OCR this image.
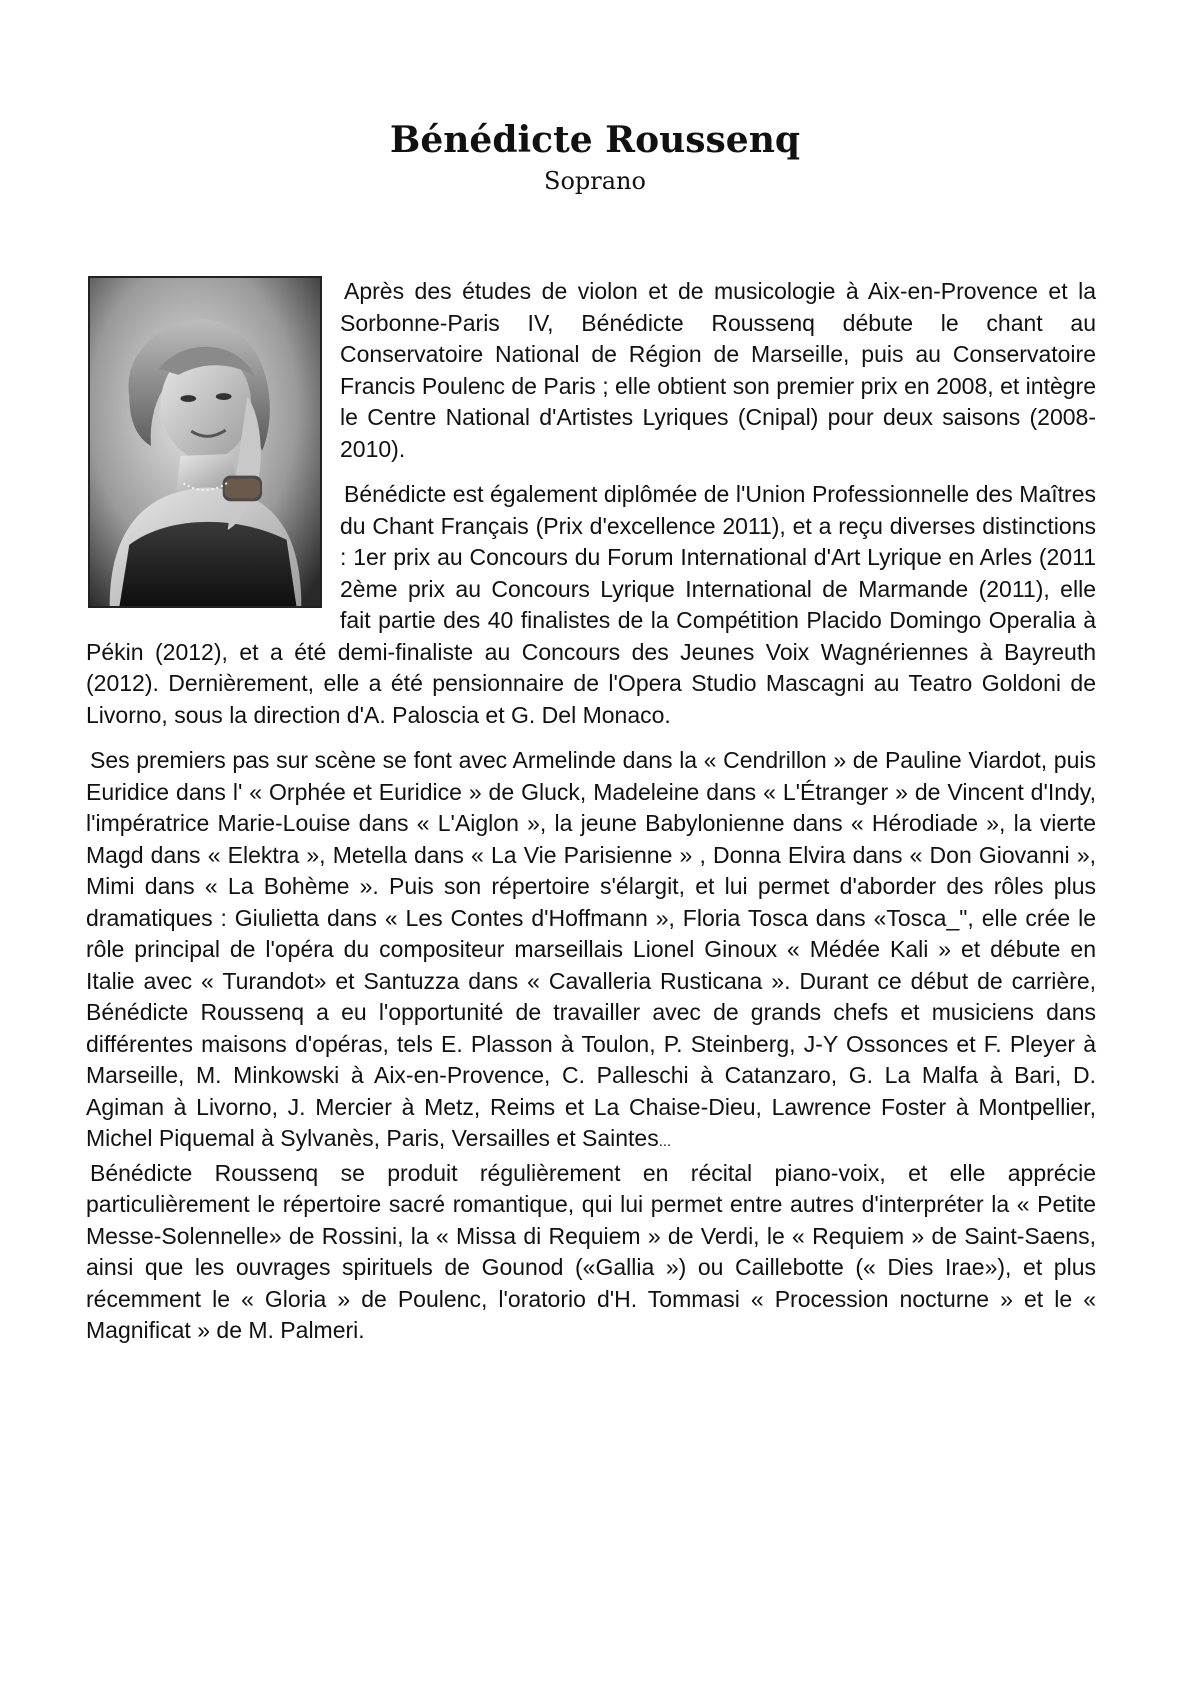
Bénédicte Roussenq
Soprano

Après des études de violon et de musicologie à Aix-en-Provence et la Sorbonne-Paris IV, Bénédicte Roussenq débute le chant au Conservatoire National de Région de Marseille, puis au Conservatoire Francis Poulenc de Paris ; elle obtient son premier prix en 2008, et intègre le Centre National d'Artistes Lyriques (Cnipal) pour deux saisons (2008-2010).

Bénédicte est également diplômée de l'Union Professionnelle des Maîtres du Chant Français (Prix d'excellence 2011), et a reçu diverses distinctions : 1er prix au Concours du Forum International d'Art Lyrique en Arles (2011 2ème prix au Concours Lyrique International de Marmande (2011), elle fait partie des 40 finalistes de la Compétition Placido Domingo Operalia à Pékin (2012), et a été demi-finaliste au Concours des Jeunes Voix Wagnériennes à Bayreuth (2012). Dernièrement, elle a été pensionnaire de l'Opera Studio Mascagni au Teatro Goldoni de Livorno, sous la direction d'A. Paloscia et G. Del Monaco.

Ses premiers pas sur scène se font avec Armelinde dans la « Cendrillon » de Pauline Viardot, puis Euridice dans l' « Orphée et Euridice » de Gluck, Madeleine dans « L'Étranger » de Vincent d'Indy, l'impératrice Marie-Louise dans « L'Aiglon », la jeune Babylonienne dans « Hérodiade », la vierte Magd dans « Elektra », Metella dans « La Vie Parisienne » , Donna Elvira dans « Don Giovanni », Mimi dans « La Bohème ». Puis son répertoire s'élargit, et lui permet d'aborder des rôles plus dramatiques : Giulietta dans « Les Contes d'Hoffmann », Floria Tosca dans «Tosca_", elle crée le rôle principal de l'opéra du compositeur marseillais Lionel Ginoux « Médée Kali » et débute en Italie avec « Turandot» et Santuzza dans « Cavalleria Rusticana ». Durant ce début de carrière, Bénédicte Roussenq a eu l'opportunité de travailler avec de grands chefs et musiciens dans différentes maisons d'opéras, tels E. Plasson à Toulon, P. Steinberg, J-Y Ossonces et F. Pleyer à Marseille, M. Minkowski à Aix-en-Provence, C. Palleschi à Catanzaro, G. La Malfa à Bari, D. Agiman à Livorno, J. Mercier à Metz, Reims et La Chaise-Dieu, Lawrence Foster à Montpellier, Michel Piquemal à Sylvanès, Paris, Versailles et Saintes...

Bénédicte Roussenq se produit régulièrement en récital piano-voix, et elle apprécie particulièrement le répertoire sacré romantique, qui lui permet entre autres d'interpréter la « Petite Messe-Solennelle» de Rossini, la « Missa di Requiem » de Verdi, le « Requiem » de Saint-Saens, ainsi que les ouvrages spirituels de Gounod («Gallia ») ou Caillebotte (« Dies Irae»), et plus récemment le « Gloria » de Poulenc, l'oratorio d'H. Tommasi « Procession nocturne » et le « Magnificat » de M. Palmeri.
